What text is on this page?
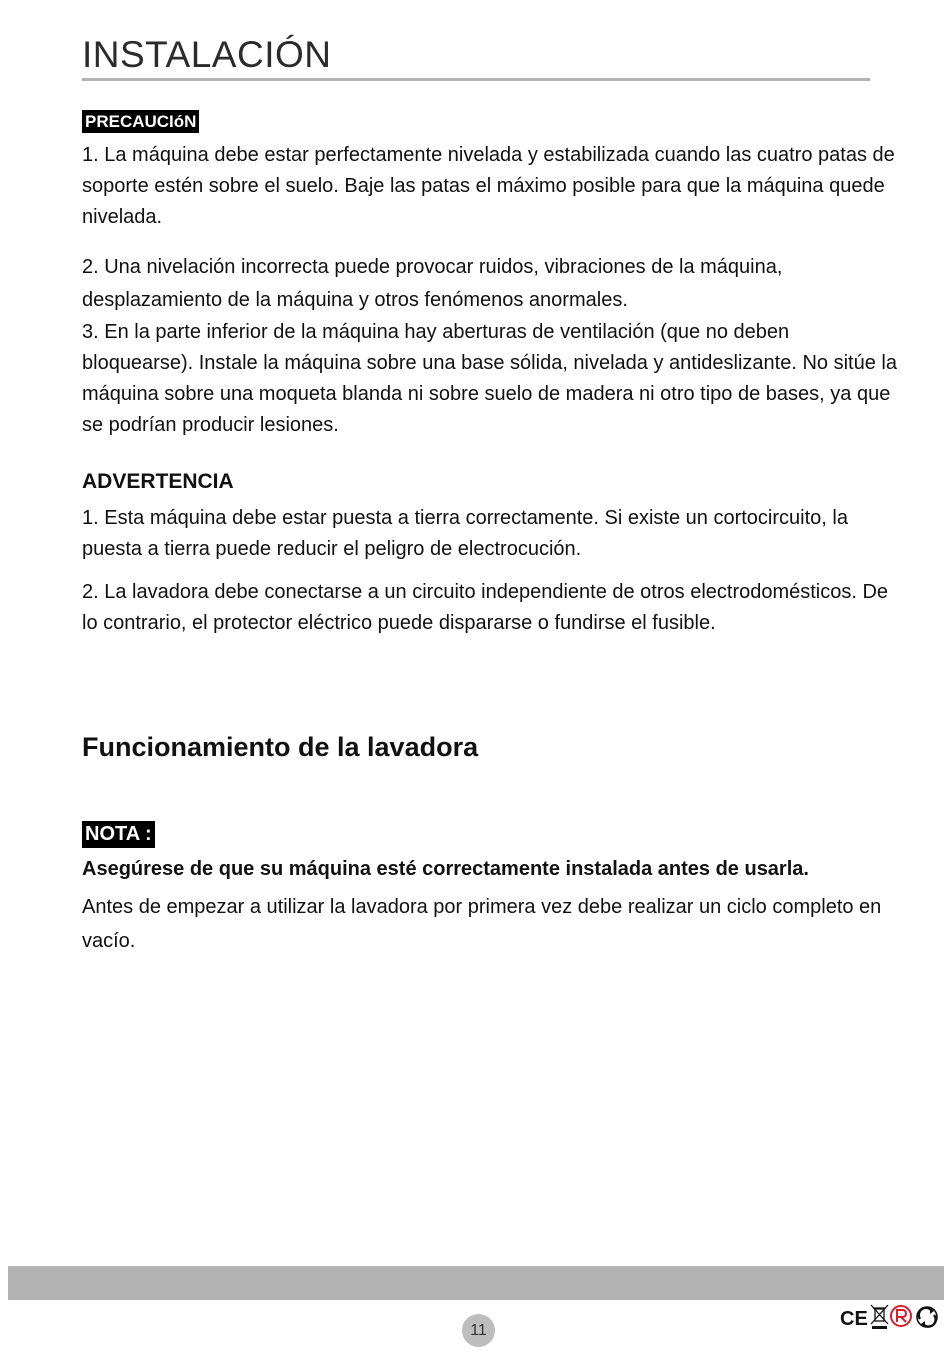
INSTALACIÓN
PRECAUCIóN

1. La máquina debe estar perfectamente nivelada y estabilizada cuando las cuatro patas de soporte estén sobre el suelo. Baje las patas el máximo posible para que la máquina quede nivelada.

2. Una nivelación incorrecta puede provocar ruidos, vibraciones de la máquina, desplazamiento de la máquina y otros fenómenos anormales.

3. En la parte inferior de la máquina hay aberturas de ventilación (que no deben bloquearse). Instale la máquina sobre una base sólida, nivelada y antideslizante. No sitúe la máquina sobre una moqueta blanda ni sobre suelo de madera ni otro tipo de bases, ya que se podrían producir lesiones.

ADVERTENCIA

1. Esta máquina debe estar puesta a tierra correctamente. Si existe un cortocircuito, la puesta a tierra puede reducir el peligro de electrocución.

2. La lavadora debe conectarse a un circuito independiente de otros electrodomésticos. De lo contrario, el protector eléctrico puede dispararse o fundirse el fusible.

Funcionamiento de la lavadora
NOTA :

Asegúrese de que su máquina esté correctamente instalada antes de usarla.

Antes de empezar a utilizar la lavadora por primera vez debe realizar un ciclo completo en vacío.

11
CE
